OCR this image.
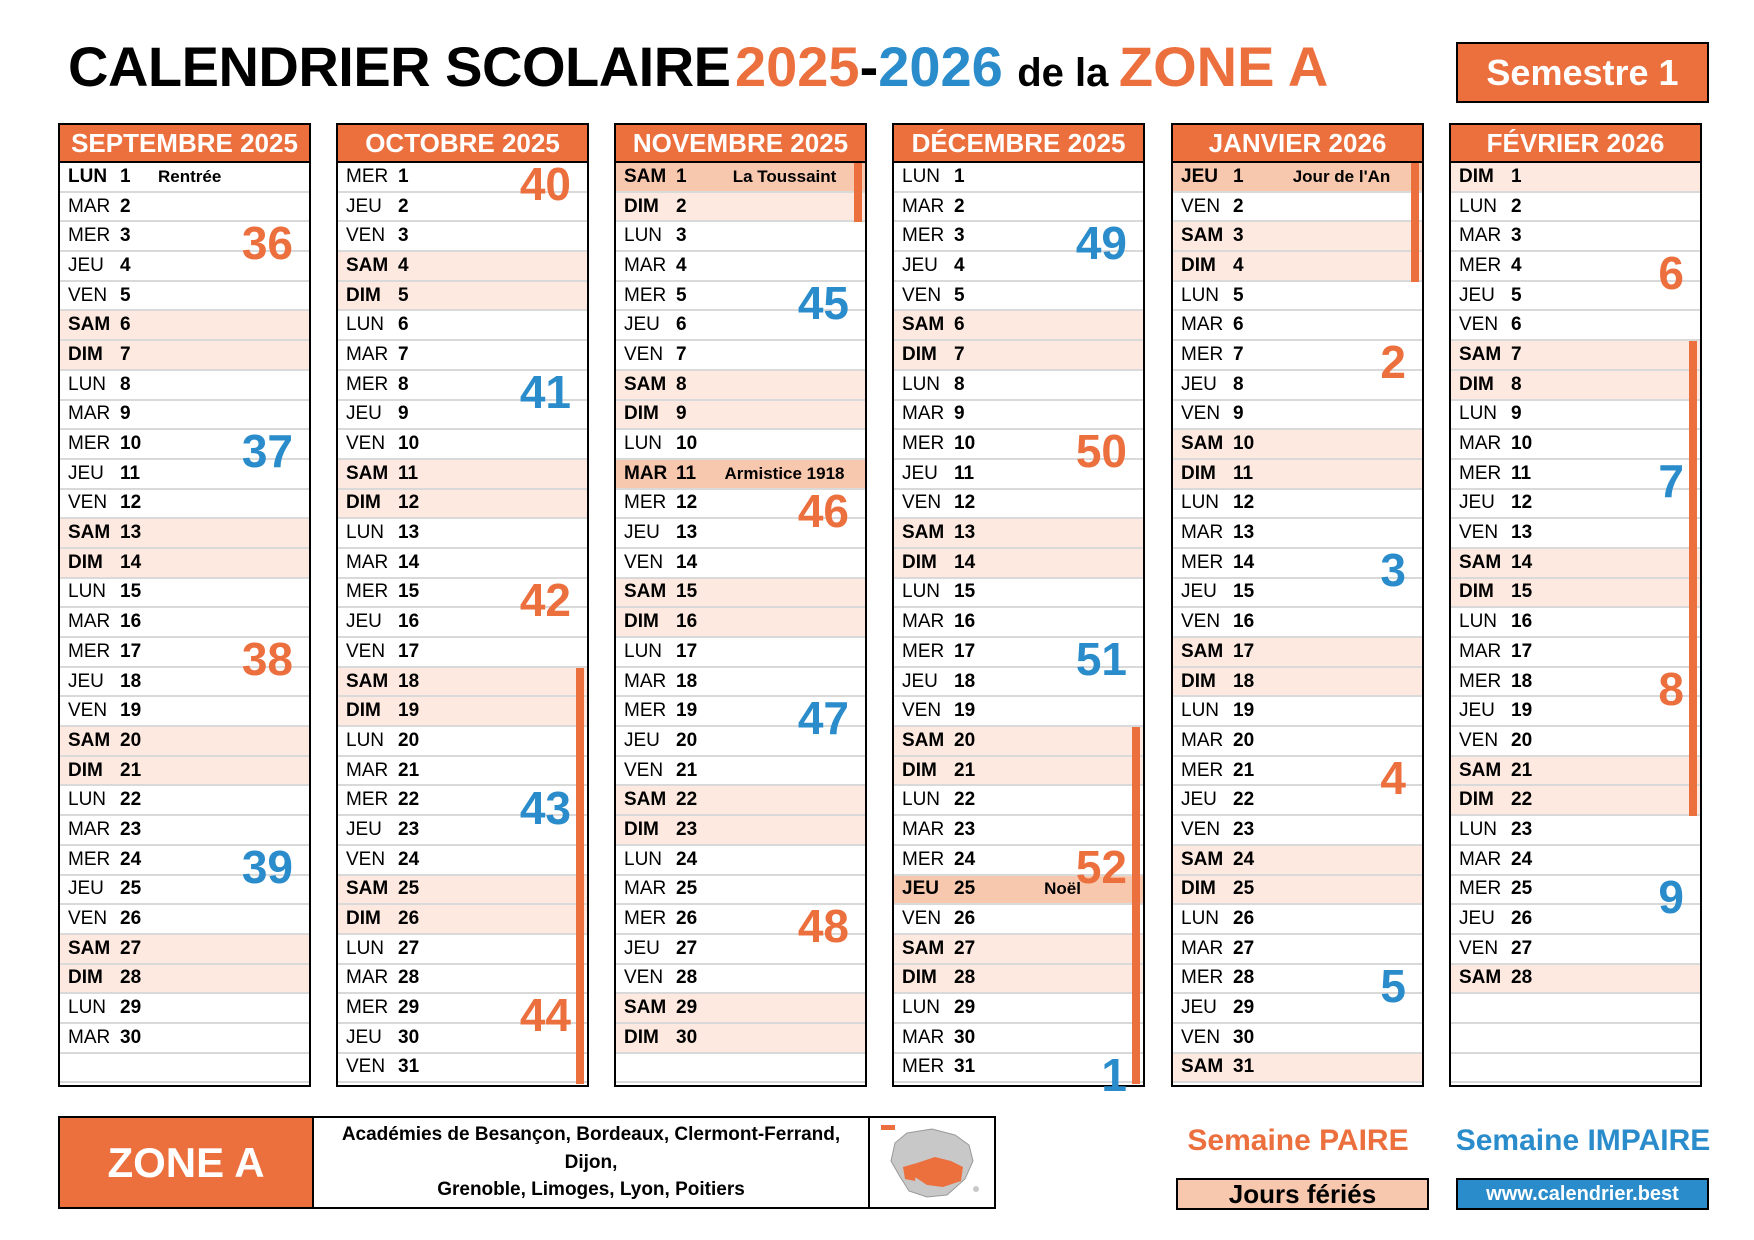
CALENDRIER SCOLAIRE 2025-2026 de la ZONE A	Semestre 1
SEPTEMBRE 2025
LUN 1	Rentrée
MAR 2
MER 3
JEU 4
VEN 5
SAM 6
DIM 7
LUN 8
MAR 9
MER 10
JEU 11
VEN 12
SAM 13
DIM 14
LUN 15
MAR 16
MER 17
JEU 18
VEN 19
SAM 20
DIM 21
LUN 22
MAR 23
MER 24
JEU 25
VEN 26
SAM 27
DIM 28
LUN 29
MAR 30
36
37
38
39
OCTOBRE 2025
MER 1
JEU 2
VEN 3
SAM 4
DIM 5
LUN 6
MAR 7
MER 8
JEU 9
VEN 10
SAM 11
DIM 12
LUN 13
MAR 14
MER 15
JEU 16
VEN 17
SAM 18
DIM 19
LUN 20
MAR 21
MER 22
JEU 23
VEN 24
SAM 25
DIM 26
LUN 27
MAR 28
MER 29
JEU 30
VEN 31
40
41
42
43
44
NOVEMBRE 2025
SAM 1	La Toussaint
DIM 2
LUN 3
MAR 4
MER 5
JEU 6
VEN 7
SAM 8
DIM 9
LUN 10
MAR 11	Armistice 1918
MER 12
JEU 13
VEN 14
SAM 15
DIM 16
LUN 17
MAR 18
MER 19
JEU 20
VEN 21
SAM 22
DIM 23
LUN 24
MAR 25
MER 26
JEU 27
VEN 28
SAM 29
DIM 30
45
46
47
48
DÉCEMBRE 2025
LUN 1
MAR 2
MER 3
JEU 4
VEN 5
SAM 6
DIM 7
LUN 8
MAR 9
MER 10
JEU 11
VEN 12
SAM 13
DIM 14
LUN 15
MAR 16
MER 17
JEU 18
VEN 19
SAM 20
DIM 21
LUN 22
MAR 23
MER 24
JEU 25	Noël
VEN 26
SAM 27
DIM 28
LUN 29
MAR 30
MER 31
49
50
51
52
1
JANVIER 2026
JEU 1	Jour de l'An
VEN 2
SAM 3
DIM 4
LUN 5
MAR 6
MER 7
JEU 8
VEN 9
SAM 10
DIM 11
LUN 12
MAR 13
MER 14
JEU 15
VEN 16
SAM 17
DIM 18
LUN 19
MAR 20
MER 21
JEU 22
VEN 23
SAM 24
DIM 25
LUN 26
MAR 27
MER 28
JEU 29
VEN 30
SAM 31
2
3
4
5
FÉVRIER 2026
DIM 1
LUN 2
MAR 3
MER 4
JEU 5
VEN 6
SAM 7
DIM 8
LUN 9
MAR 10
MER 11
JEU 12
VEN 13
SAM 14
DIM 15
LUN 16
MAR 17
MER 18
JEU 19
VEN 20
SAM 21
DIM 22
LUN 23
MAR 24
MER 25
JEU 26
VEN 27
SAM 28
6
7
8
9
ZONE A
Académies de Besançon, Bordeaux, Clermont-Ferrand, Dijon,
Grenoble, Limoges, Lyon, Poitiers
Semaine PAIRE	Semaine IMPAIRE
Jours fériés	www.calendrier.best
